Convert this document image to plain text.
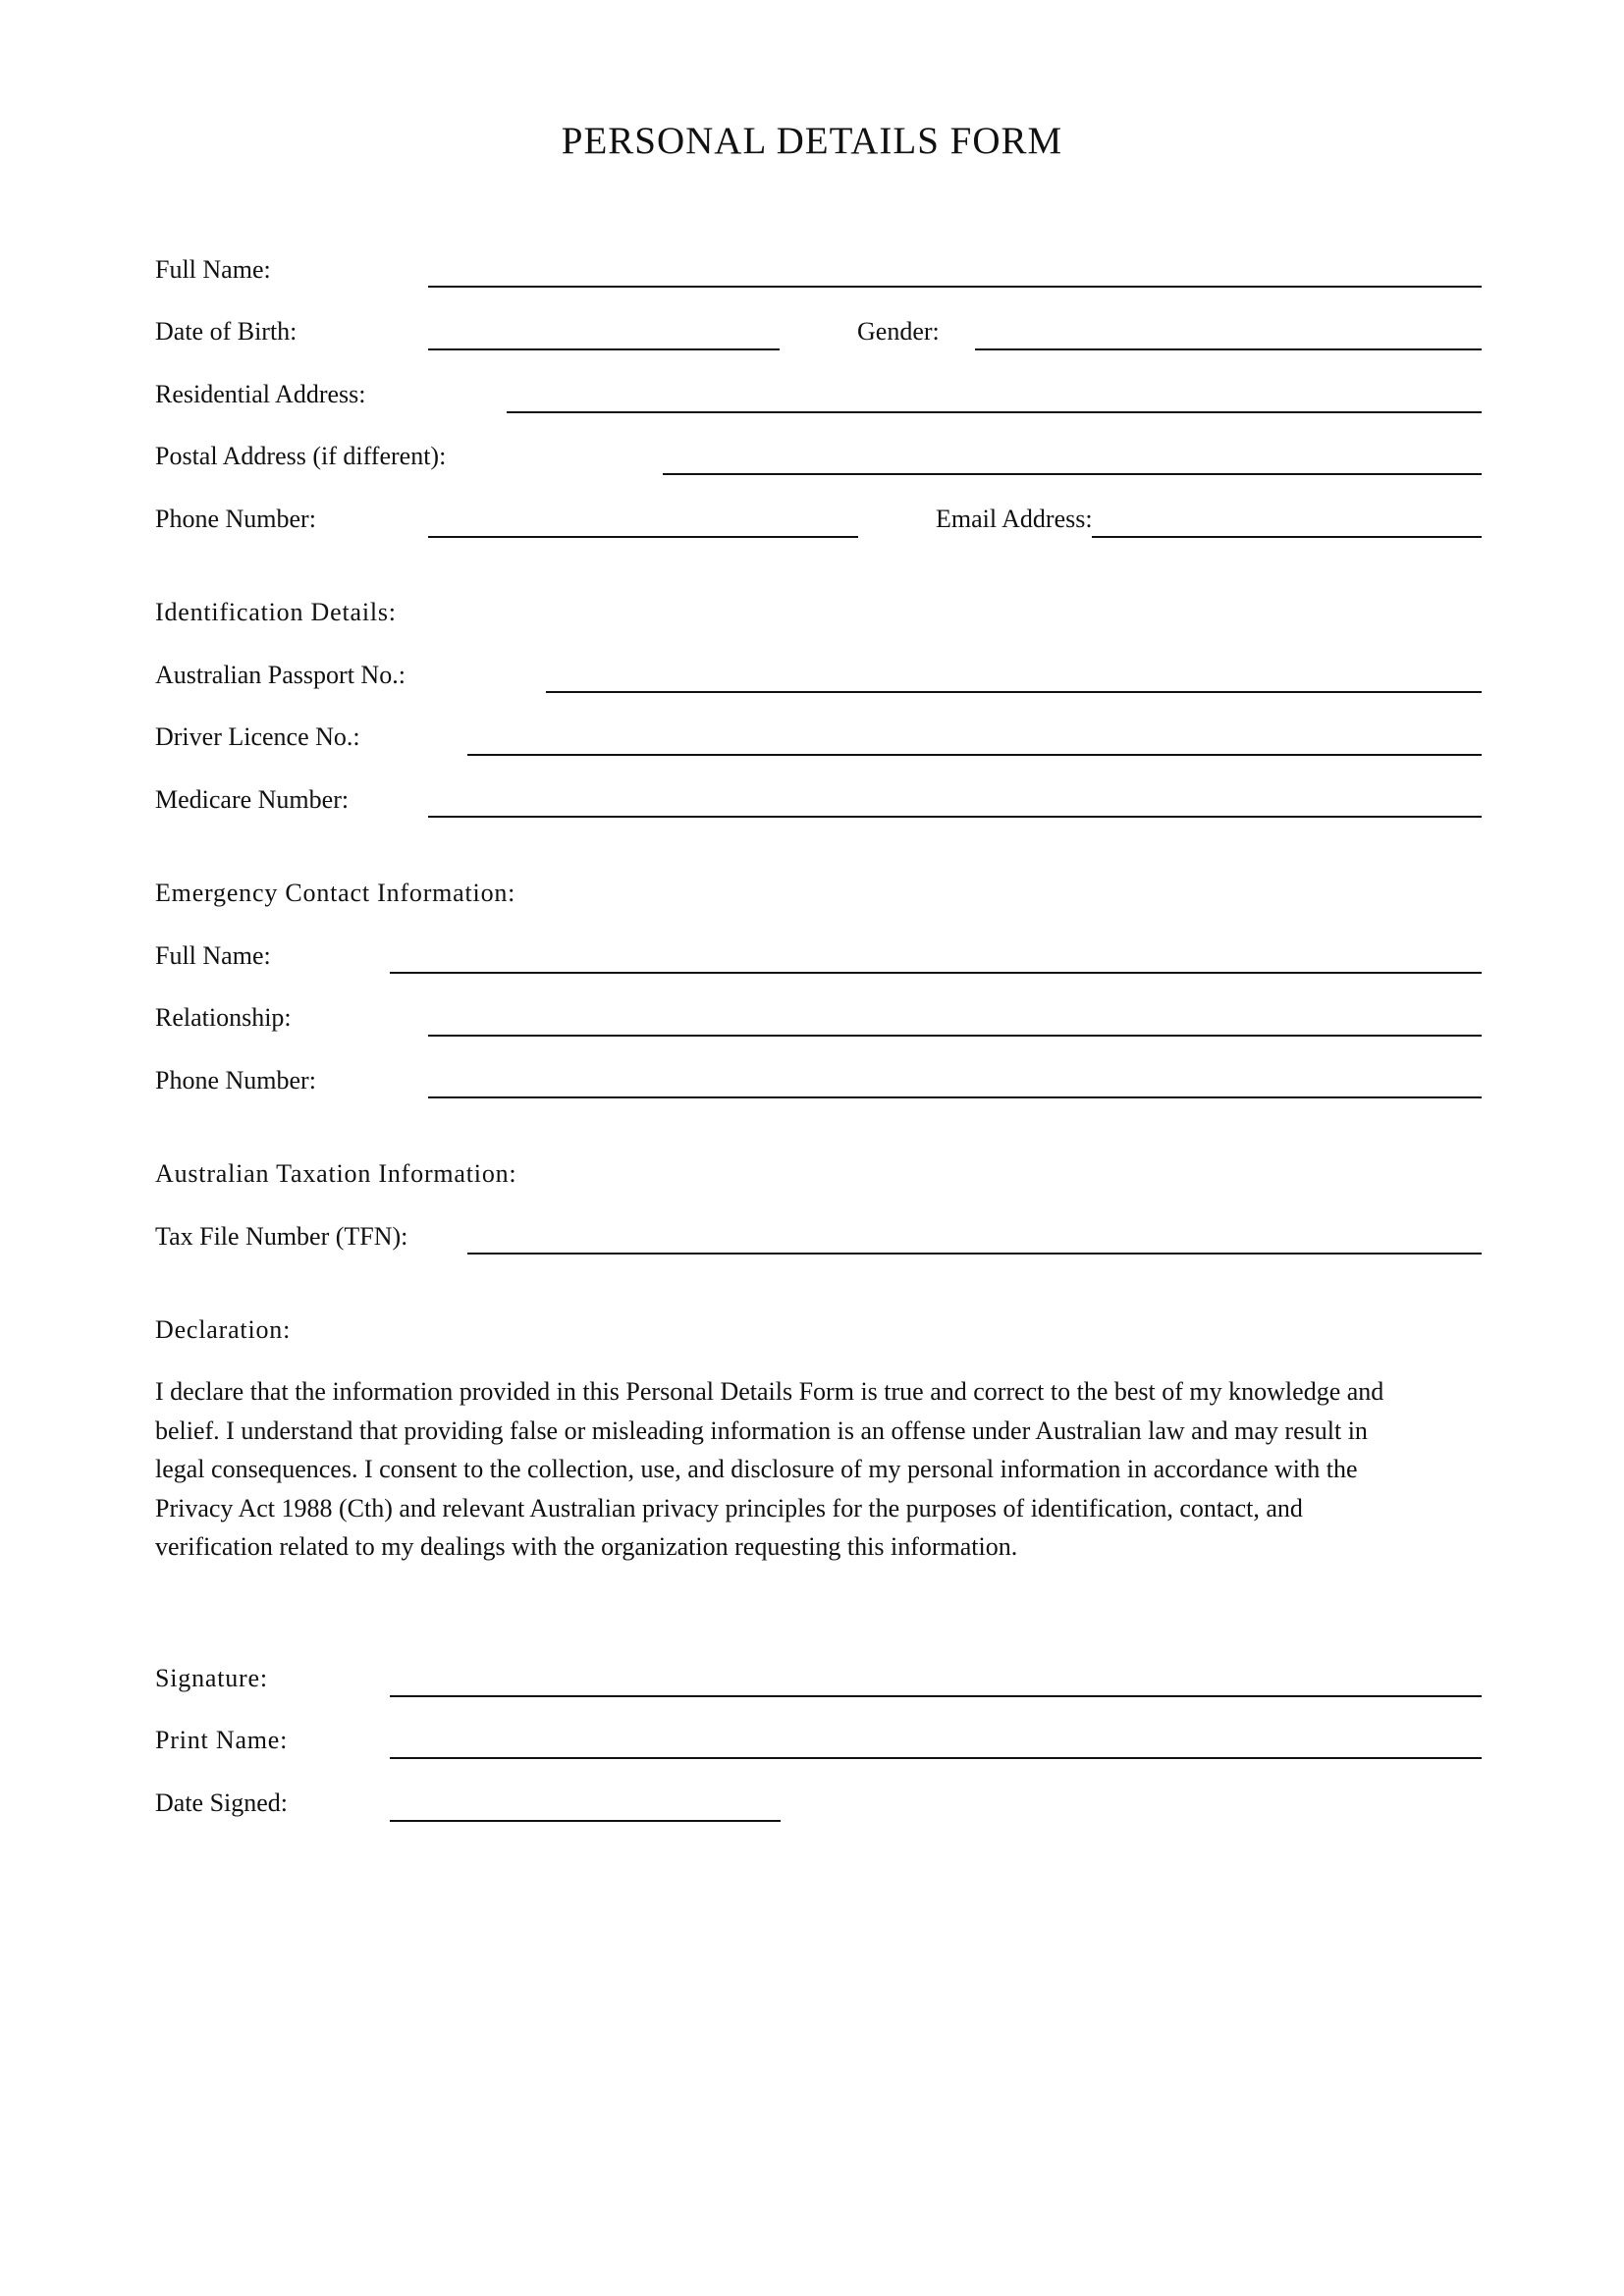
PERSONAL DETAILS FORM
Full Name:
Date of Birth:	Gender:
Residential Address:
Postal Address (if different):
Phone Number:	Email Address:
Identification Details:
Australian Passport No.:
Driver Licence No.:
Medicare Number:
Emergency Contact Information:
Full Name:
Relationship:
Phone Number:
Australian Taxation Information:
Tax File Number (TFN):
Declaration:
I declare that the information provided in this Personal Details Form is true and correct to the best of my knowledge and
belief. I understand that providing false or misleading information is an offense under Australian law and may result in
legal consequences. I consent to the collection, use, and disclosure of my personal information in accordance with the
Privacy Act 1988 (Cth) and relevant Australian privacy principles for the purposes of identification, contact, and
verification related to my dealings with the organization requesting this information.
Signature:
Print Name:
Date Signed:
